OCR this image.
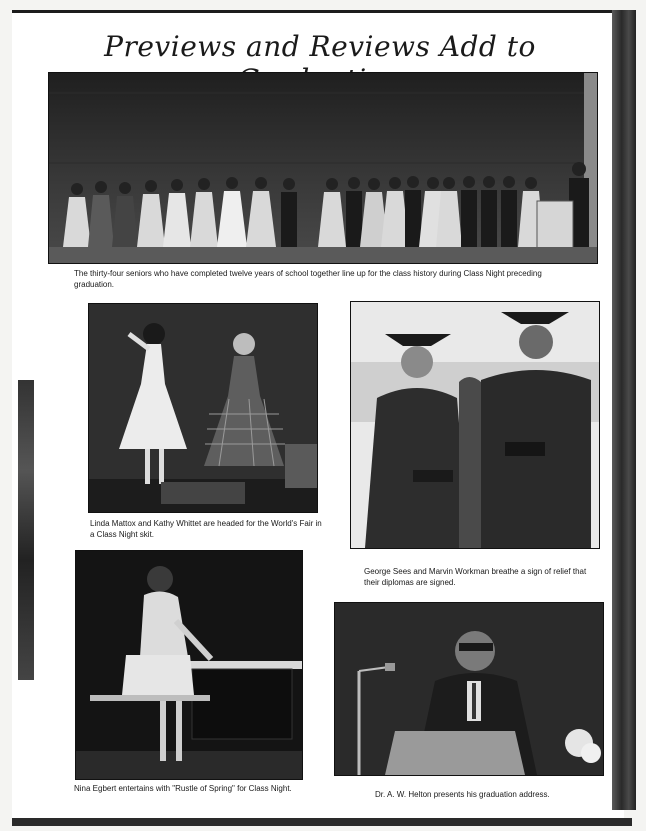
Previews and Reviews Add to
The thirty-four seniors who have completed twelve years of school together line up for the class history during Class Night preceding graduation.
Linda Mattox and Kathy Whittet are headed for the World's Fair in a Class Night skit.
George Sees and Marvin Workman breathe a sign of relief that their diplomas are signed.
Nina Egbert entertains with "Rustle of Spring" for Class Night.
Dr. A. W. Helton presents his graduation address.
